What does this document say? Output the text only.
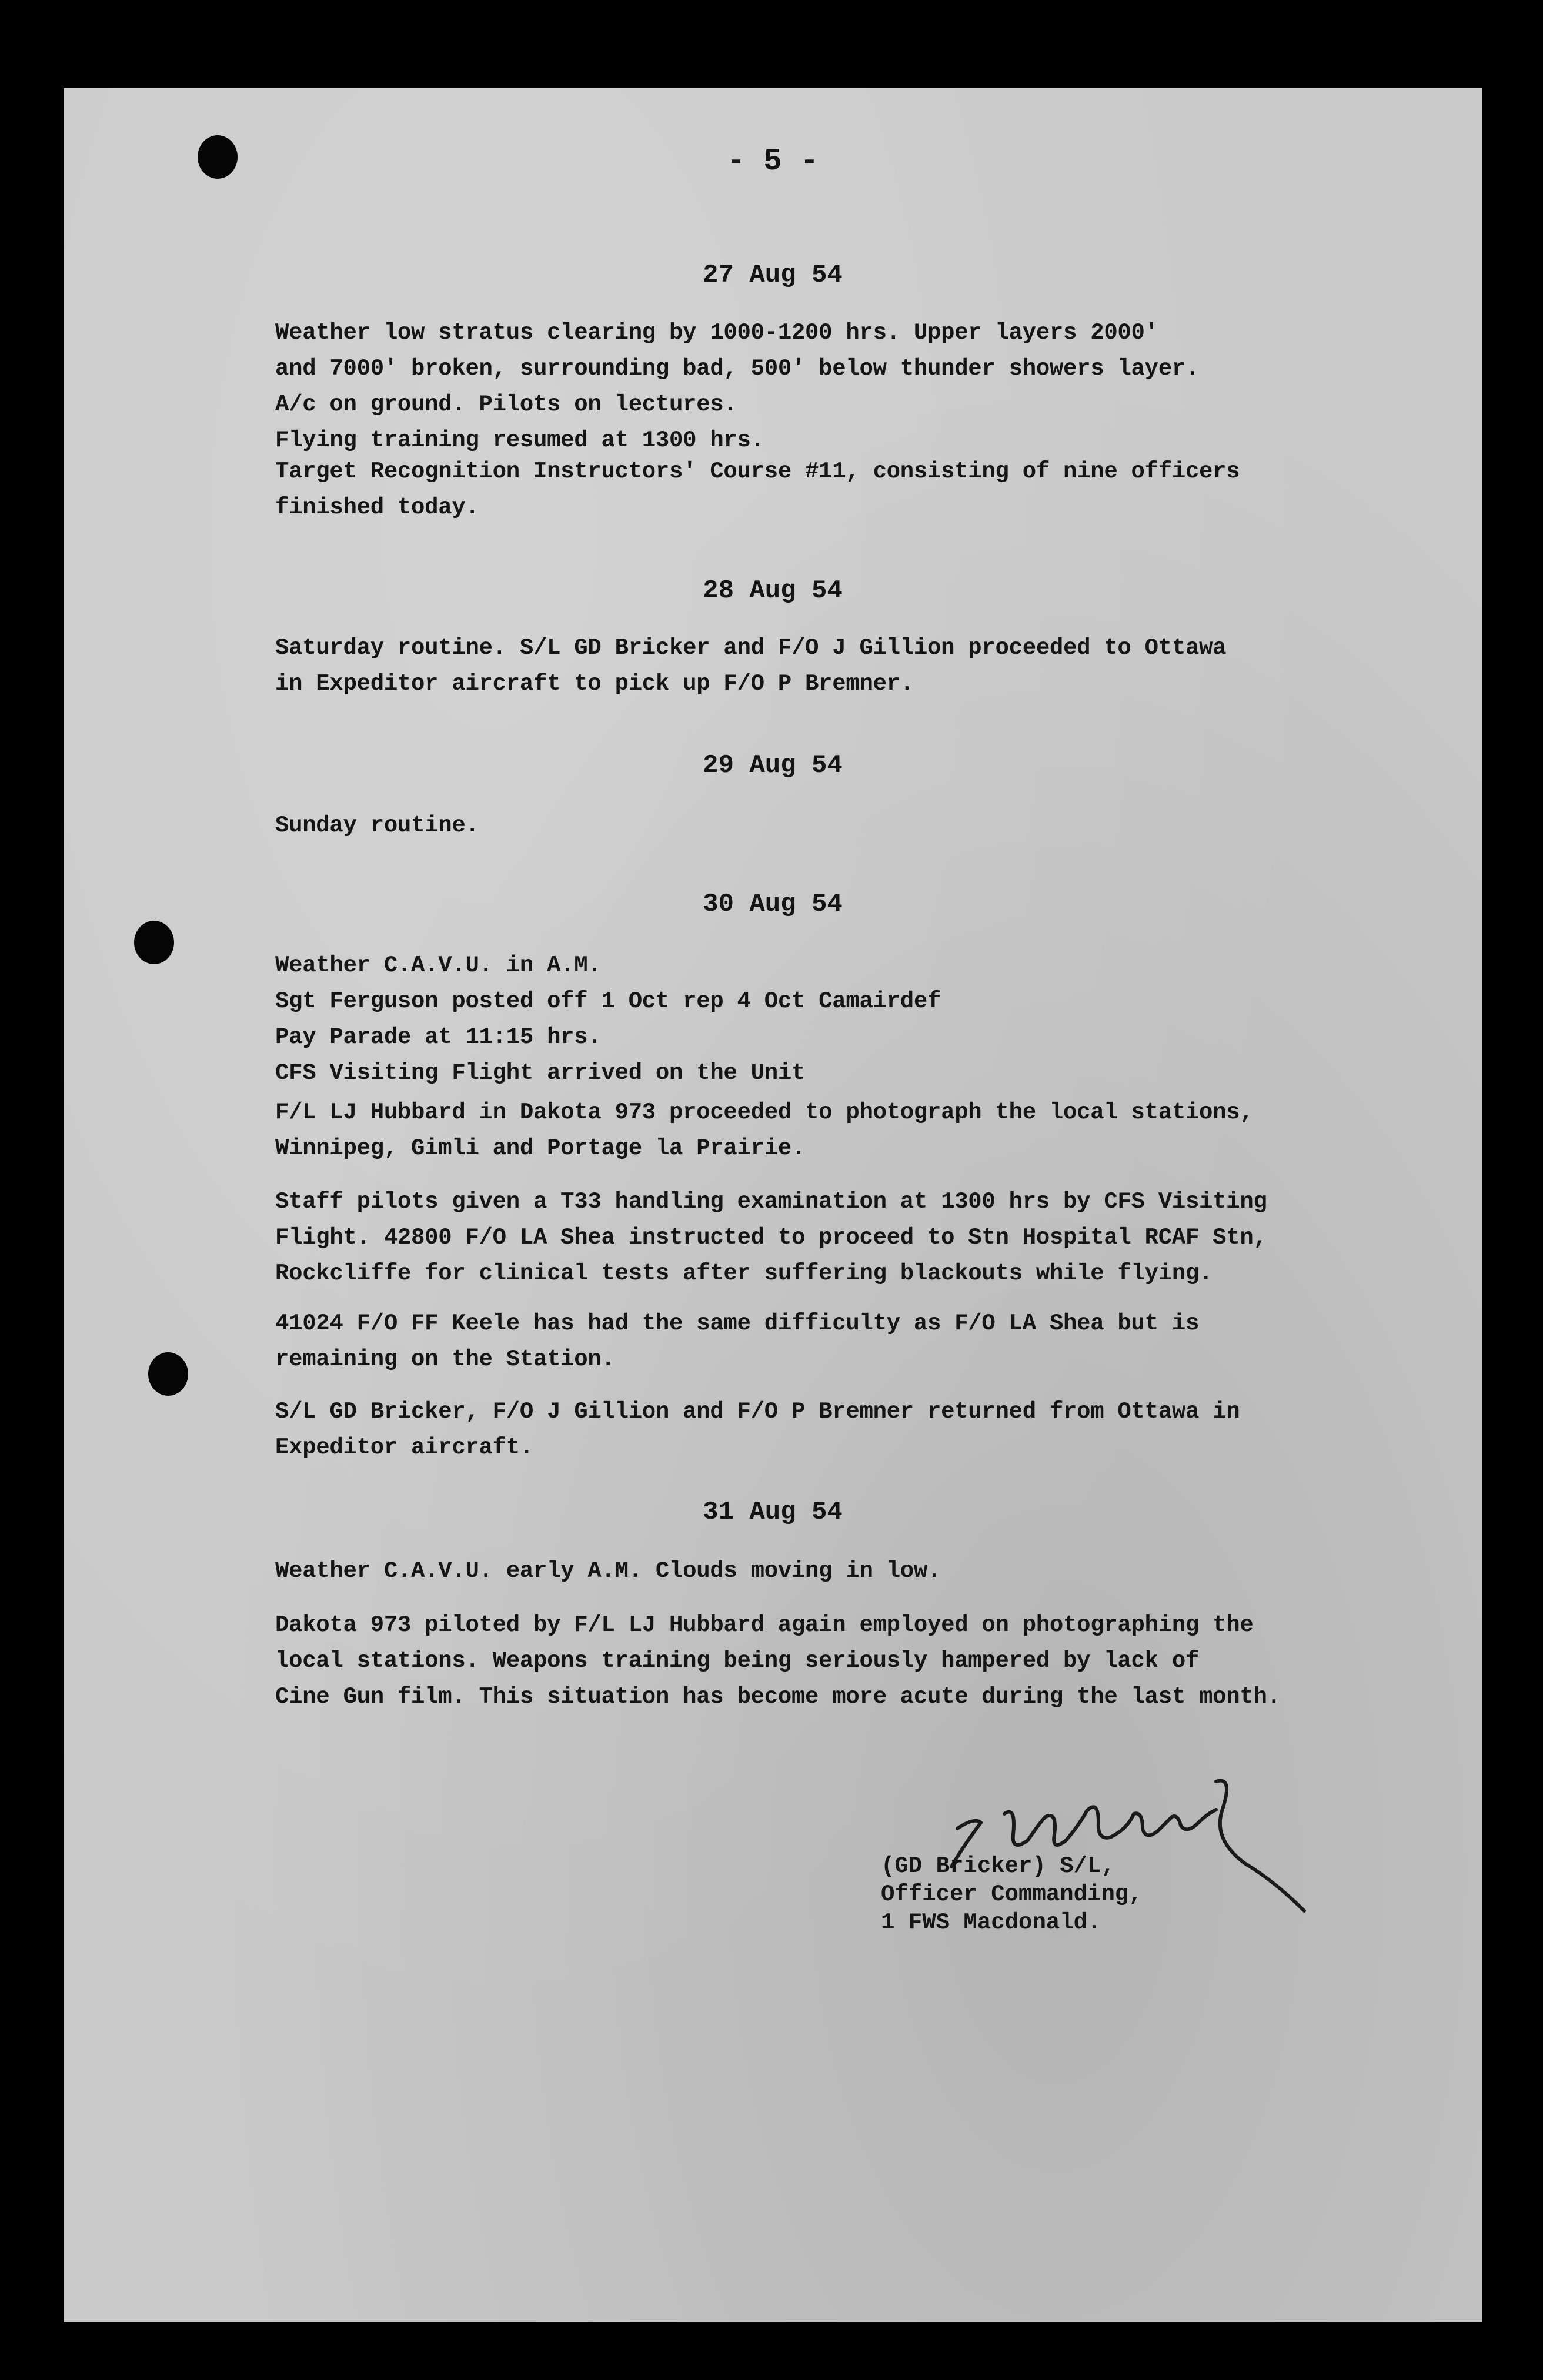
- 5 -

27 Aug 54

Weather low stratus clearing by 1000-1200 hrs. Upper layers 2000'
and 7000' broken, surrounding bad, 500' below thunder showers layer.
A/c on ground. Pilots on lectures.
Flying training resumed at 1300 hrs.

Target Recognition Instructors' Course #11, consisting of nine officers
finished today.

28 Aug 54

Saturday routine. S/L GD Bricker and F/O J Gillion proceeded to Ottawa
in Expeditor aircraft to pick up F/O P Bremner.

29 Aug 54

Sunday routine.

30 Aug 54

Weather C.A.V.U. in A.M.
Sgt Ferguson posted off 1 Oct rep 4 Oct Camairdef
Pay Parade at 11:15 hrs.
CFS Visiting Flight arrived on the Unit

F/L LJ Hubbard in Dakota 973 proceeded to photograph the local stations,
Winnipeg, Gimli and Portage la Prairie.

Staff pilots given a T33 handling examination at 1300 hrs by CFS Visiting
Flight. 42800 F/O LA Shea instructed to proceed to Stn Hospital RCAF Stn,
Rockcliffe for clinical tests after suffering blackouts while flying.

41024 F/O FF Keele has had the same difficulty as F/O LA Shea but is
remaining on the Station.

S/L GD Bricker, F/O J Gillion and F/O P Bremner returned from Ottawa in
Expeditor aircraft.

31 Aug 54

Weather C.A.V.U. early A.M. Clouds moving in low.

Dakota 973 piloted by F/L LJ Hubbard again employed on photographing the
local stations. Weapons training being seriously hampered by lack of
Cine Gun film. This situation has become more acute during the last month.

(GD Bricker) S/L,
Officer Commanding,
1 FWS Macdonald.
